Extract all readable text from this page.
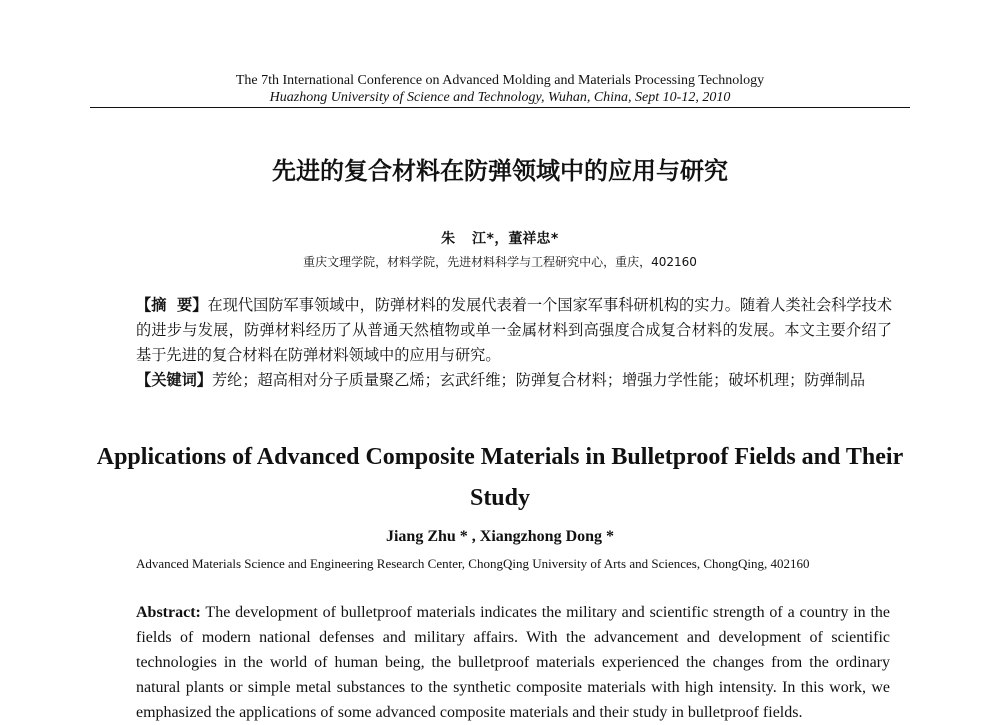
The 7th International Conference on Advanced Molding and Materials Processing Technology
Huazhong University of Science and Technology, Wuhan, China, Sept 10-12, 2010
先进的复合材料在防弹领域中的应用与研究
朱  江*，董祥忠*
重庆文理学院，材料学院，先进材料科学与工程研究中心，重庆，402160
【摘  要】在现代国防军事领域中，防弹材料的发展代表着一个国家军事科研机构的实力。随着人类社会科学技术的进步与发展，防弹材料经历了从普通天然植物或单一金属材料到高强度合成复合材料的发展。本文主要介绍了基于先进的复合材料在防弹材料领域中的应用与研究。
【关键词】 芳纶；超高相对分子质量聚乙烯；玄武纤维；防弹复合材料；增强力学性能；破坏机理；防弹制品
Applications of Advanced Composite Materials in Bulletproof Fields and Their Study
Jiang Zhu * , Xiangzhong Dong *
Advanced Materials Science and Engineering Research Center, ChongQing University of Arts and Sciences, ChongQing, 402160
Abstract: The development of bulletproof materials indicates the military and scientific strength of a country in the fields of modern national defenses and military affairs. With the advancement and development of scientific technologies in the world of human being, the bulletproof materials experienced the changes from the ordinary natural plants or simple metal substances to the synthetic composite materials with high intensity. In this work, we emphasized the applications of some advanced composite materials and their study in bulletproof fields.
